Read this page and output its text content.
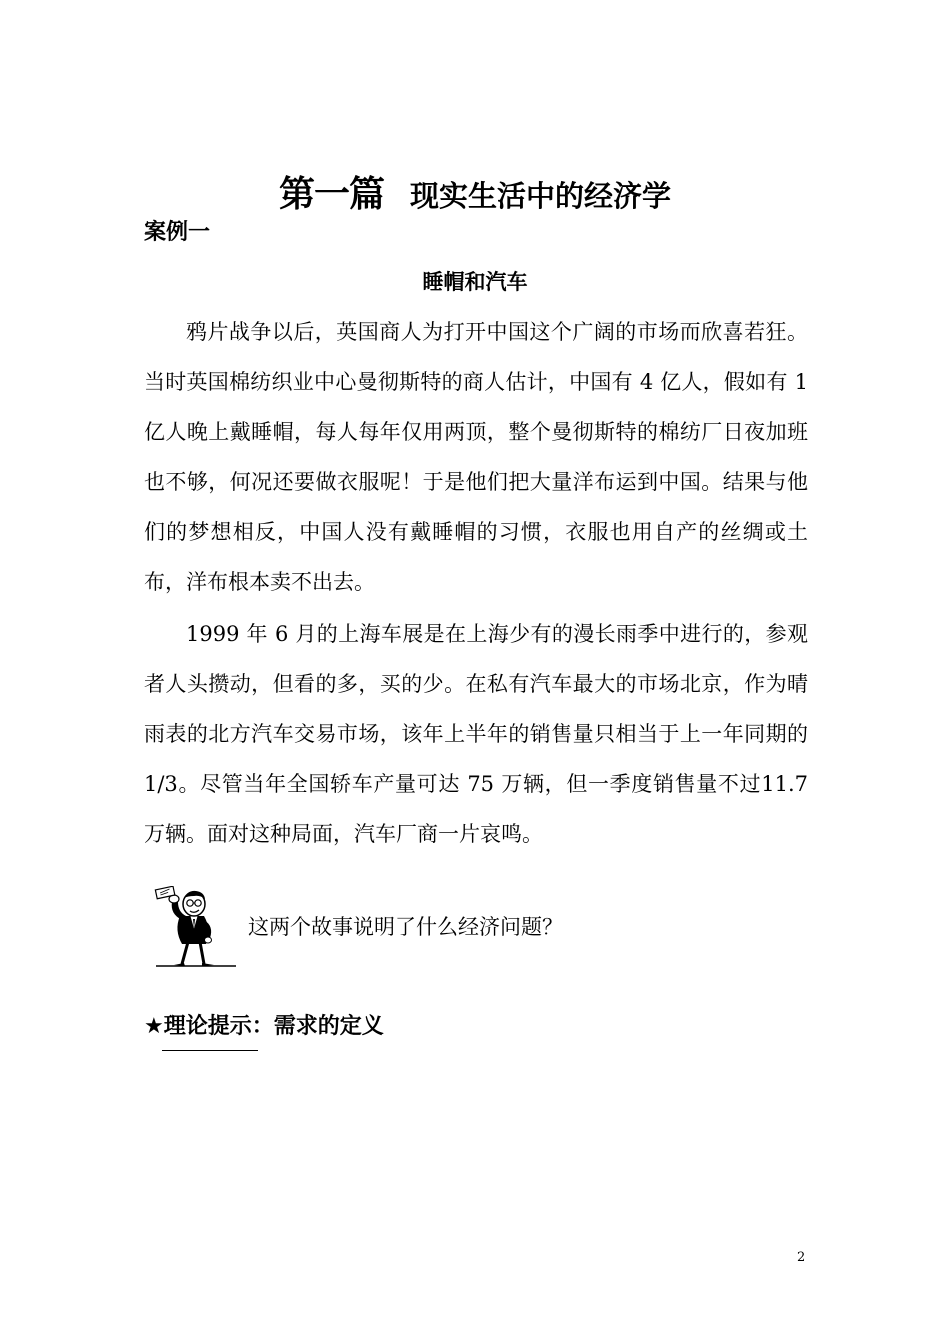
第一篇 现实生活中的经济学
案例一
睡帽和汽车

鸦片战争以后，英国商人为打开中国这个广阔的市场而欣喜若狂。当时英国棉纺织业中心曼彻斯特的商人估计，中国有 4 亿人，假如有 1 亿人晚上戴睡帽，每人每年仅用两顶，整个曼彻斯特的棉纺厂日夜加班也不够，何况还要做衣服呢！于是他们把大量洋布运到中国。结果与他们的梦想相反，中国人没有戴睡帽的习惯，衣服也用自产的丝绸或土布，洋布根本卖不出去。

1999 年 6 月的上海车展是在上海少有的漫长雨季中进行的，参观者人头攒动，但看的多，买的少。在私有汽车最大的市场北京，作为晴雨表的北方汽车交易市场，该年上半年的销售量只相当于上一年同期的 1/3。尽管当年全国轿车产量可达 75 万辆，但一季度销售量不过11.7 万辆。面对这种局面，汽车厂商一片哀鸣。

这两个故事说明了什么经济问题？
★理论提示：需求的定义
2
